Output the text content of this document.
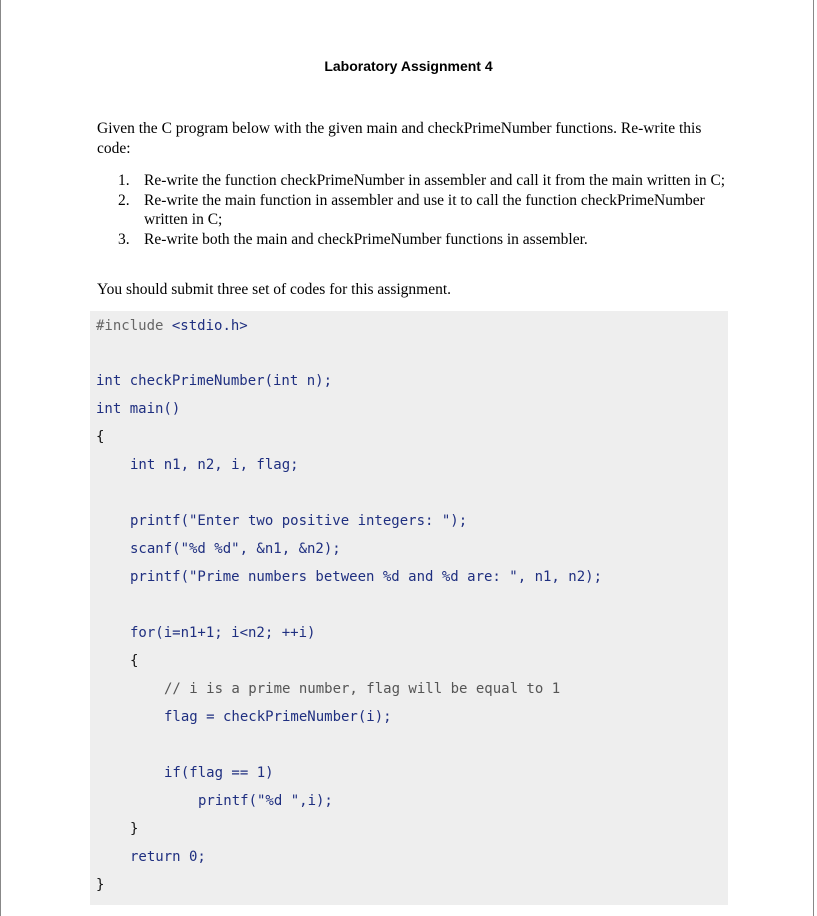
Laboratory Assignment 4
Given the C program below with the given main and checkPrimeNumber functions. Re-write this code:
1. Re-write the function checkPrimeNumber in assembler and call it from the main written in C;
2. Re-write the main function in assembler and use it to call the function checkPrimeNumber written in C;
3. Re-write both the main and checkPrimeNumber functions in assembler.
You should submit three set of codes for this assignment.
#include <stdio.h>
int checkPrimeNumber(int n);
int main()
{
int n1, n2, i, flag;
printf("Enter two positive integers: ");
scanf("%d %d", &n1, &n2);
printf("Prime numbers between %d and %d are: ", n1, n2);
for(i=n1+1; i<n2; ++i)
{
// i is a prime number, flag will be equal to 1
flag = checkPrimeNumber(i);
if(flag == 1)
printf("%d ",i);
}
return 0;
}
